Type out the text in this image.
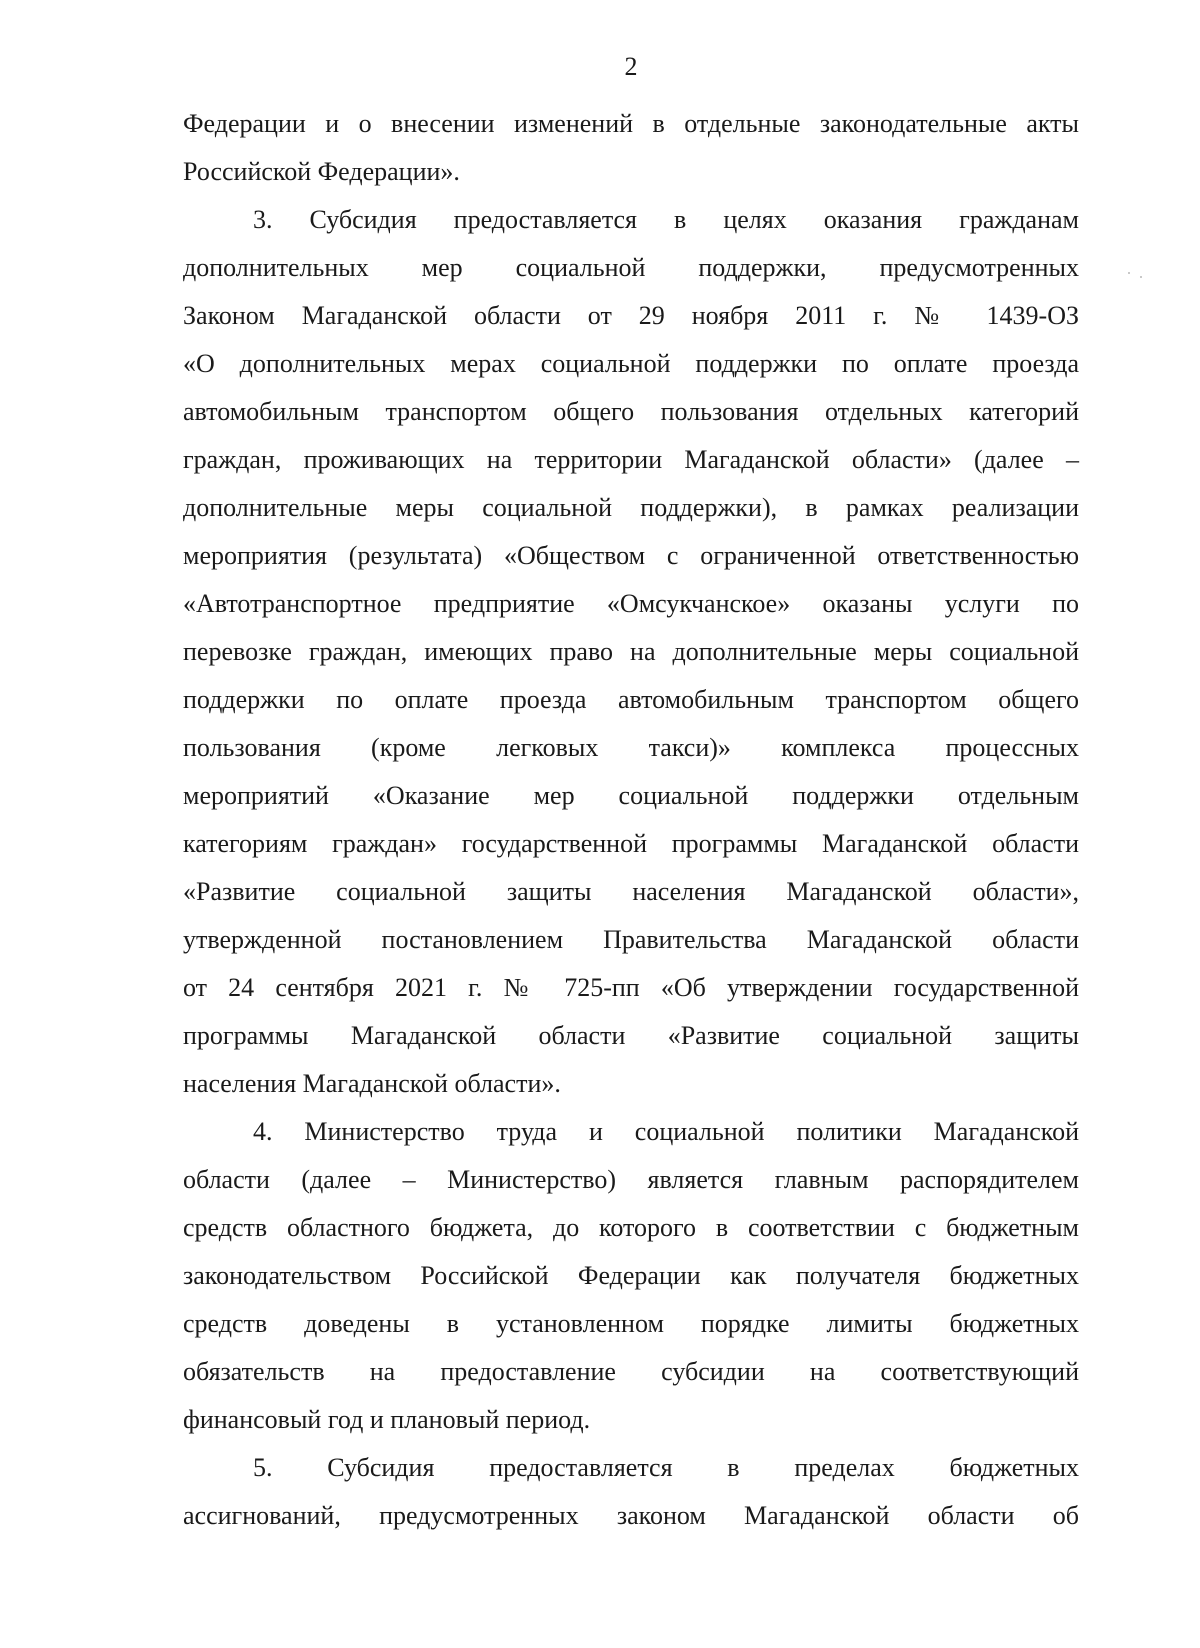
2
Федерации и о внесении изменений в отдельные законодательные акты
Российской Федерации».
3. Субсидия предоставляется в целях оказания гражданам
дополнительных мер социальной поддержки, предусмотренных
Законом Магаданской области от 29 ноября 2011 г. № 1439-ОЗ
«О дополнительных мерах социальной поддержки по оплате проезда
автомобильным транспортом общего пользования отдельных категорий
граждан, проживающих на территории Магаданской области» (далее –
дополнительные меры социальной поддержки), в рамках реализации
мероприятия (результата) «Обществом с ограниченной ответственностью
«Автотранспортное предприятие «Омсукчанское» оказаны услуги по
перевозке граждан, имеющих право на дополнительные меры социальной
поддержки по оплате проезда автомобильным транспортом общего
пользования (кроме легковых такси)» комплекса процессных
мероприятий «Оказание мер социальной поддержки отдельным
категориям граждан» государственной программы Магаданской области
«Развитие социальной защиты населения Магаданской области»,
утвержденной постановлением Правительства Магаданской области
от 24 сентября 2021 г. № 725-пп «Об утверждении государственной
программы Магаданской области «Развитие социальной защиты
населения Магаданской области».
4. Министерство труда и социальной политики Магаданской
области (далее – Министерство) является главным распорядителем
средств областного бюджета, до которого в соответствии с бюджетным
законодательством Российской Федерации как получателя бюджетных
средств доведены в установленном порядке лимиты бюджетных
обязательств на предоставление субсидии на соответствующий
финансовый год и плановый период.
5. Субсидия предоставляется в пределах бюджетных
ассигнований, предусмотренных законом Магаданской области об
